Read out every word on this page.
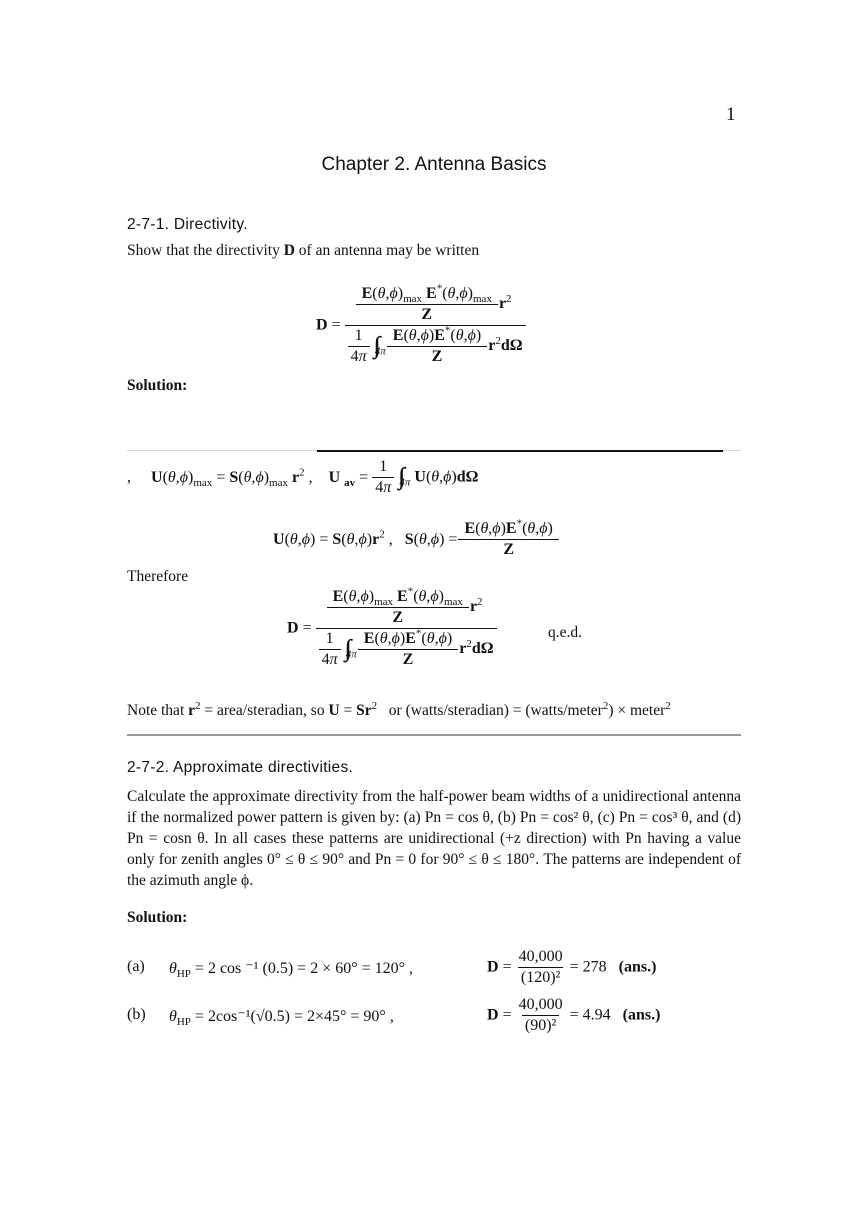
1
Chapter 2. Antenna Basics
2-7-1. Directivity.
Show that the directivity D of an antenna may be written
D =
$\frac{E(\theta,\phi)_{max} E^*(\theta,\phi)_{max}}{Z} r^2$
$\frac{1}{4\pi} \int\int_{4\pi} \frac{E(\theta,\phi)E^*(\theta,\phi)}{Z} r^2d\Omega$
Solution:
, $U(\theta,\phi)_{max} = S(\theta,\phi)_{max}$ $r^2$ , U $_{av} = \frac{1}{4\pi} \int\int_{4\pi}$ U(θ,ϕ)dΩ
$U(\theta,\phi) = S(\theta,\phi)r^2$ ,   $S(\theta,\phi) = \frac{E(\theta,\phi)E^*(\theta,\phi)}{Z}$
Therefore
D =
$\frac{E(\theta,\phi)_{max} E^*(\theta,\phi)_{max}}{Z} r^2$
$\frac{1}{4\pi} \int\int_{4\pi} \frac{E(\theta,\phi)E^*(\theta,\phi)}{Z} r^2d\Omega$
q.e.d.
Note that $r^2$ = area/steradian, so $U = Sr^2$   or (watts/steradian) = (watts/meter$^2$) × meter$^2$
2-7-2. Approximate directivities.
Calculate the approximate directivity from the half-power beam widths of a unidirectional antenna if the normalized power pattern is given by: (a) Pn = cos θ, (b) Pn = cos² θ, (c) Pn = cos³ θ, and (d) Pn = cosn θ. In all cases these patterns are unidirectional (+z direction) with Pn having a value only for zenith angles 0° ≤ θ ≤ 90° and Pn = 0 for 90° ≤ θ ≤ 180°. The patterns are independent of the azimuth angle ϕ.
Solution:
(a) $\theta_{HP} = 2$ cos ⁻¹ (0.5) = 2 × 60° = 120° ,	$D = \frac{40,000}{\text{(120)²}} = 278$ (ans.)
(b) $\theta_{HP} = 2\cos^{-1}(√0.5) = 2\times 45^\circ = 90^\circ$ ,	$D = \frac{40,000}{\text{(90)²}} = 4.94$ (ans.)
